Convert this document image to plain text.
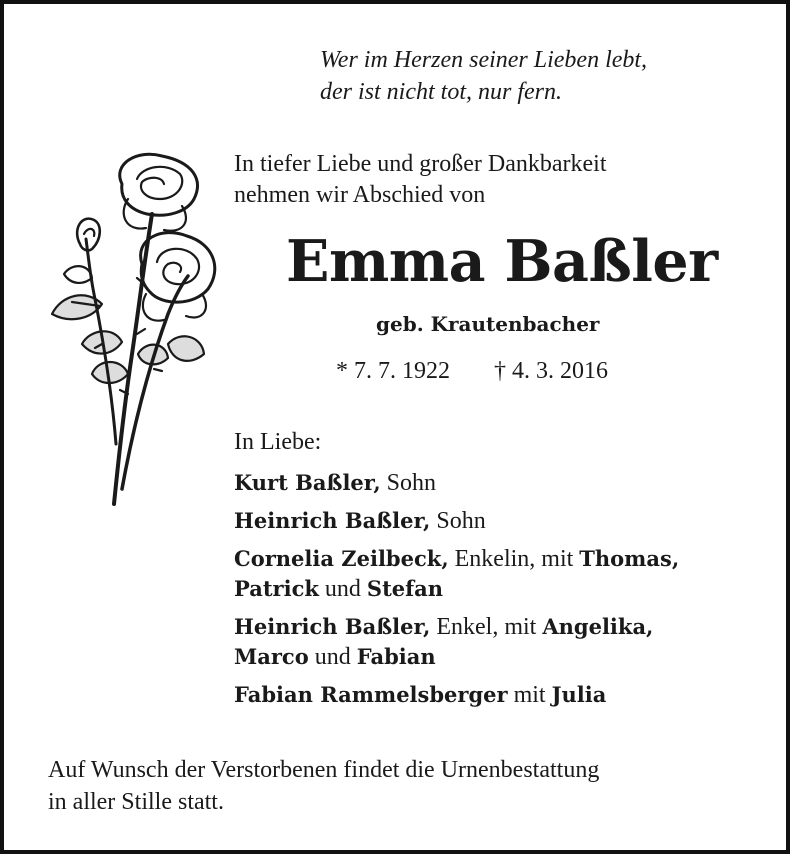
Wer im Herzen seiner Lieben lebt,
der ist nicht tot, nur fern.
In tiefer Liebe und großer Dankbarkeit
nehmen wir Abschied von
Emma Baßler
geb. Krautenbacher
* 7. 7. 1922 † 4. 3. 2016
In Liebe:
Kurt Baßler, Sohn
Heinrich Baßler, Sohn
Cornelia Zeilbeck, Enkelin, mit Thomas,
Patrick und Stefan
Heinrich Baßler, Enkel, mit Angelika,
Marco und Fabian
Fabian Rammelsberger mit Julia
Auf Wunsch der Verstorbenen findet die Urnenbestattung
in aller Stille statt.
